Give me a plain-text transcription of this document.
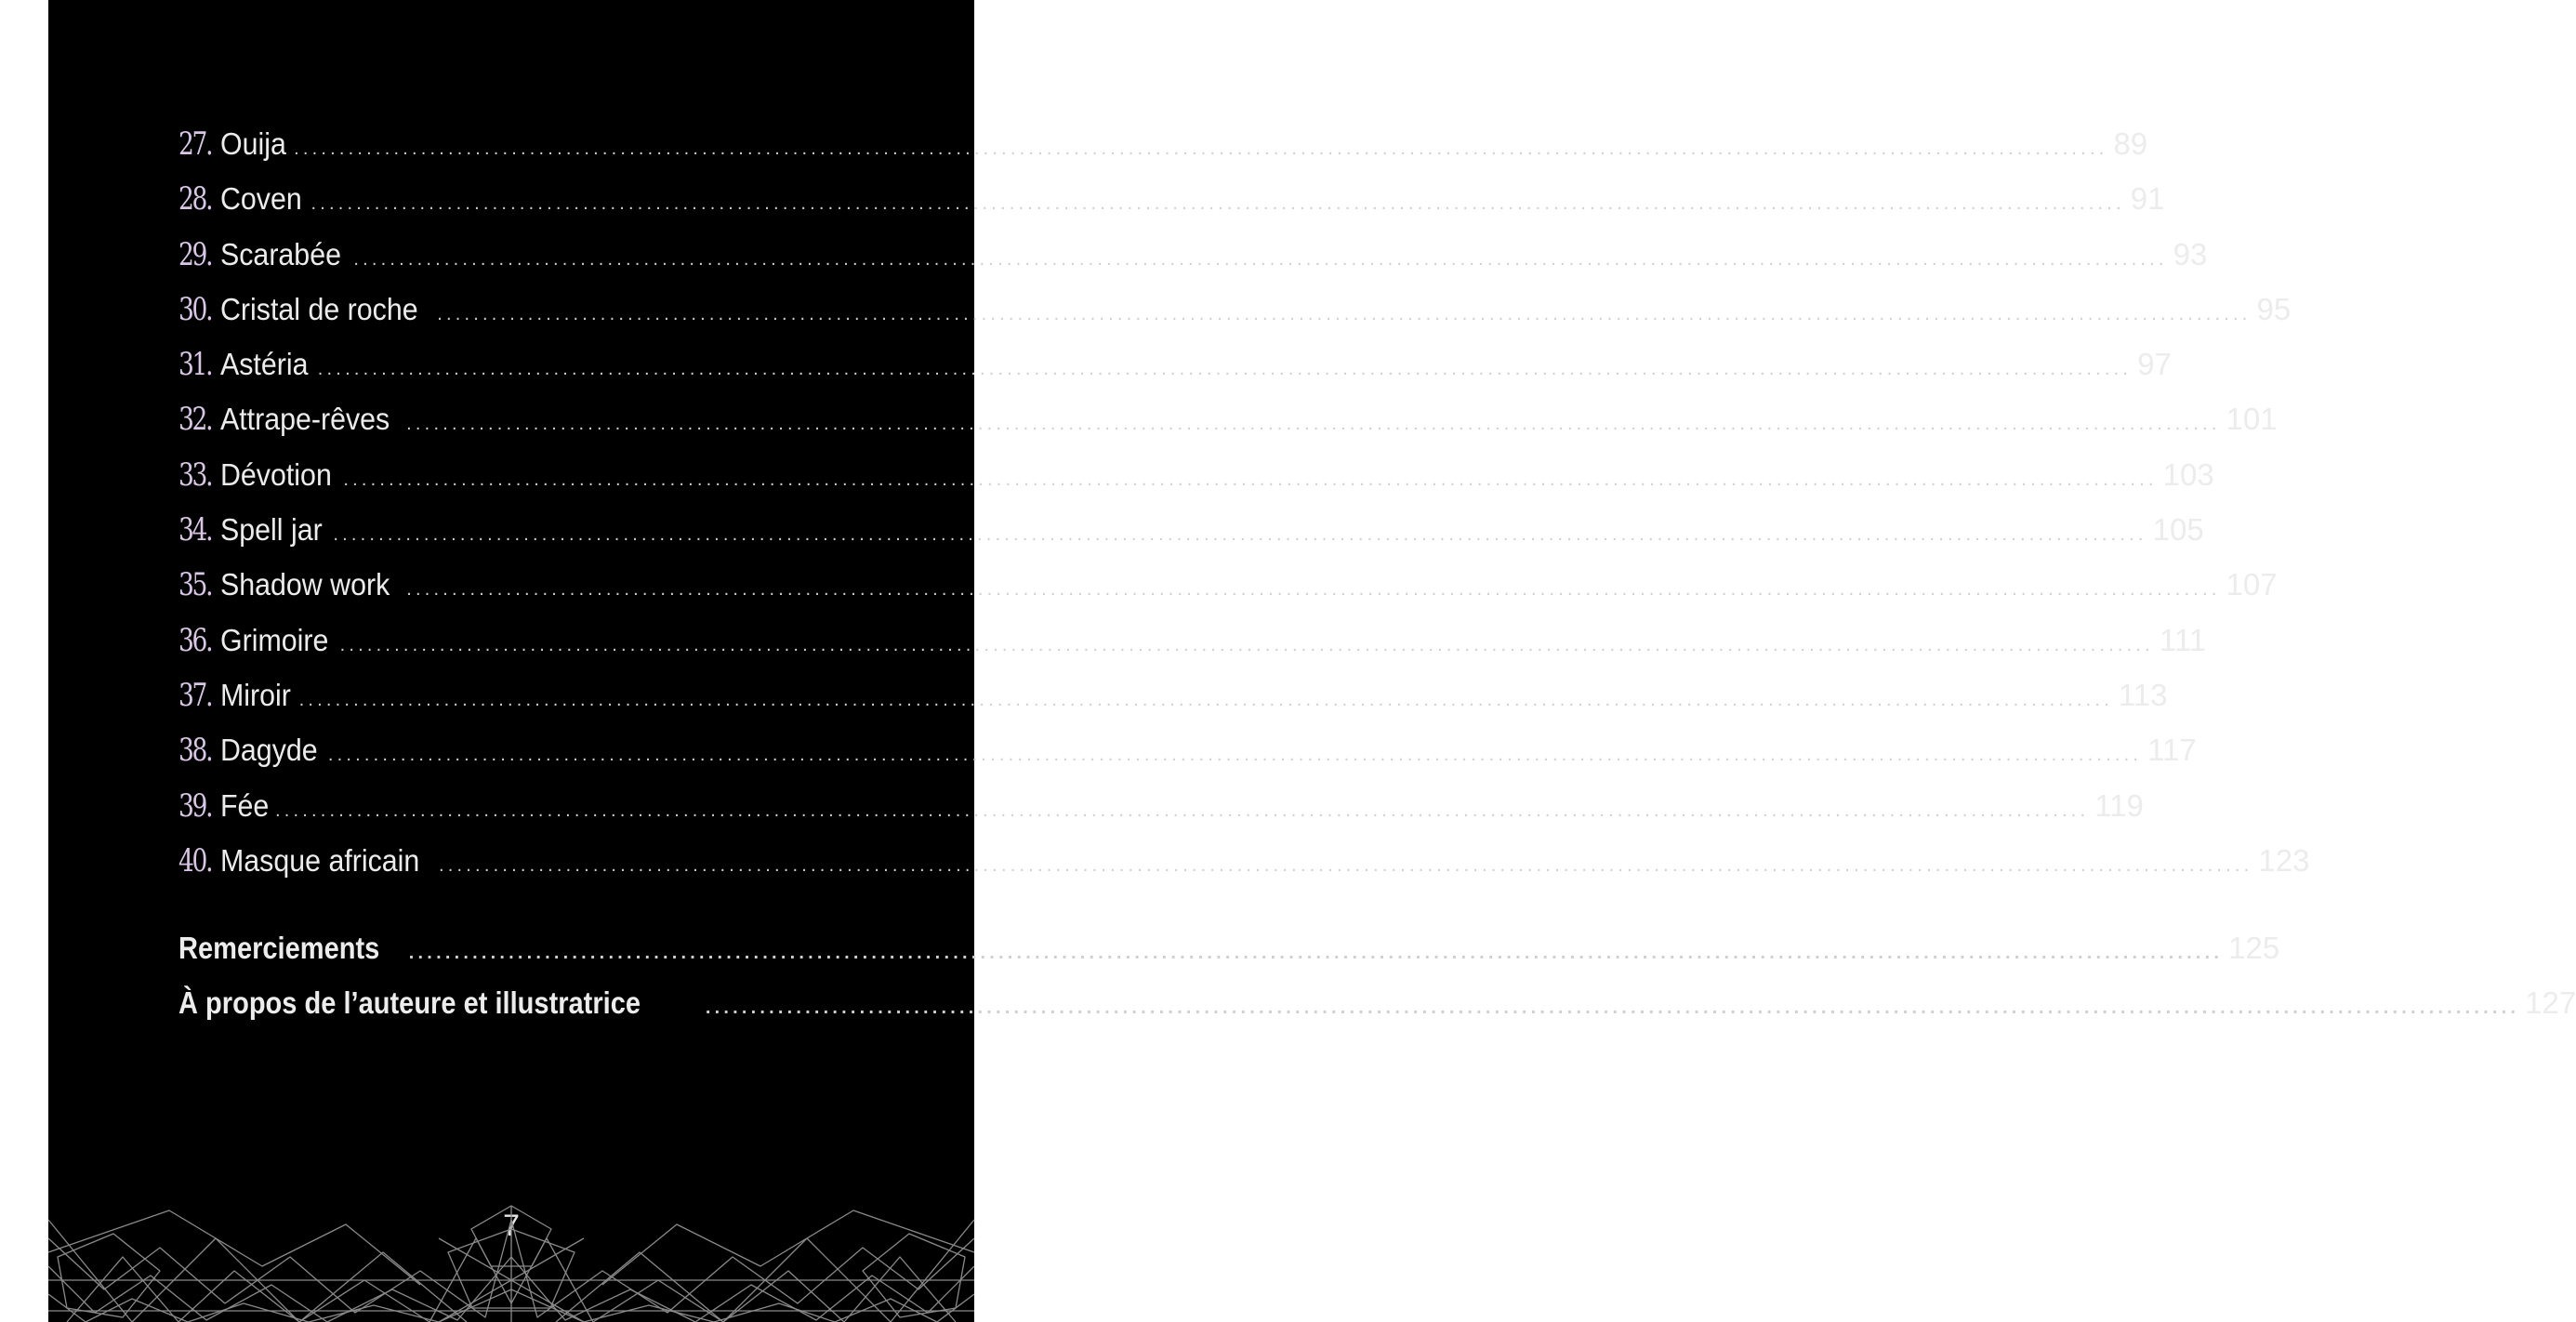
27. Ouija ........................................................................................................................................................................................................ 89
28. Coven ........................................................................................................................................................................................................ 91
29. Scarabée ........................................................................................................................................................................................................ 93
30. Cristal de roche ........................................................................................................................................................................................................ 95
31. Astéria ........................................................................................................................................................................................................ 97
32. Attrape-rêves ........................................................................................................................................................................................................ 101
33. Dévotion ........................................................................................................................................................................................................ 103
34. Spell jar ........................................................................................................................................................................................................ 105
35. Shadow work ........................................................................................................................................................................................................ 107
36. Grimoire ........................................................................................................................................................................................................ 111
37. Miroir ........................................................................................................................................................................................................ 113
38. Dagyde ........................................................................................................................................................................................................ 117
39. Fée ........................................................................................................................................................................................................ 119
40. Masque africain ........................................................................................................................................................................................................ 123
Remerciements ........................................................................................................................................................................................................ 125
À propos de l’auteure et illustratrice	........................................................................................................................................................................................................ 127
7
